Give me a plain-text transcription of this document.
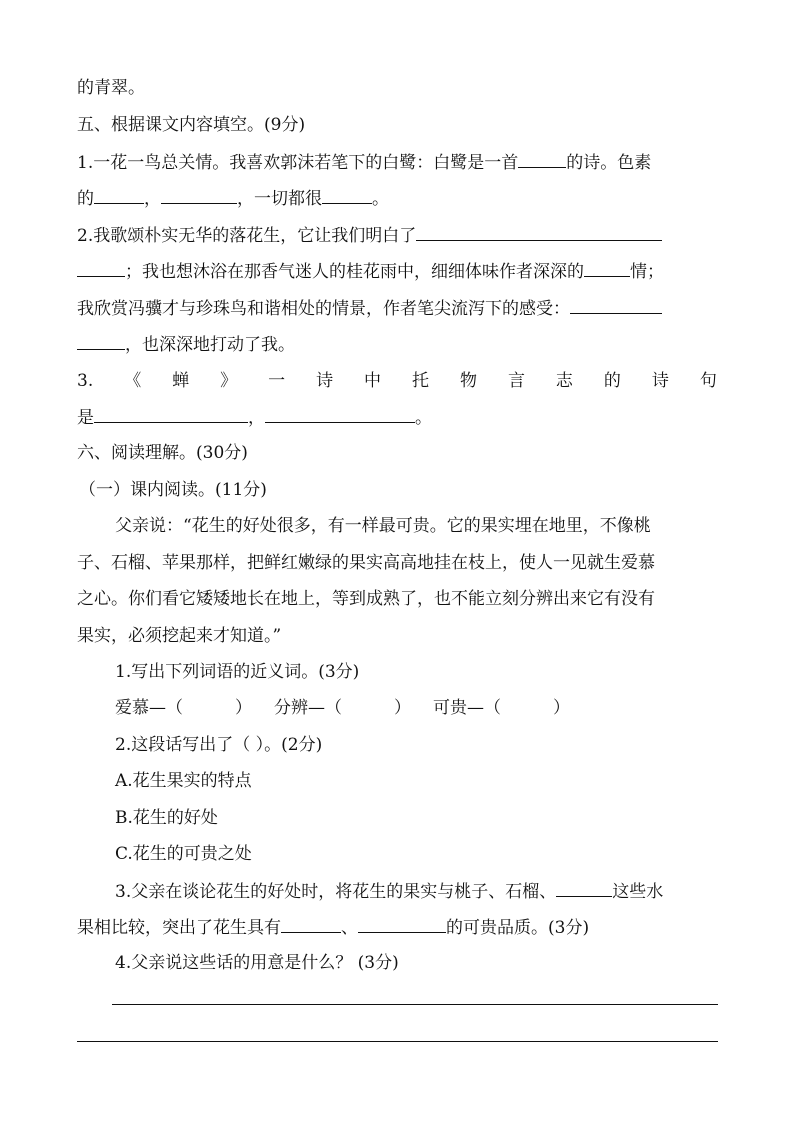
的青翠。
五、根据课文内容填空。(9分)
1.一花一鸟总关情。我喜欢郭沫若笔下的白鹭：白鹭是一首	的诗。色素
的	，	，一切都很	。
2.我歌颂朴实无华的落花生，它让我们明白了
；我也想沐浴在那香气迷人的桂花雨中，细细体味作者深深的	情；
我欣赏冯骥才与珍珠鸟和谐相处的情景，作者笔尖流泻下的感受：
，也深深地打动了我。
3. 《 蝉 》 一 诗 中 托 物 言 志 的 诗 句
是	，	。
六、阅读理解。(30分)
（一）课内阅读。(11分)
父亲说：“花生的好处很多，有一样最可贵。它的果实埋在地里，不像桃
子、石榴、苹果那样，把鲜红嫩绿的果实高高地挂在枝上，使人一见就生爱慕
之心。你们看它矮矮地长在地上，等到成熟了，也不能立刻分辨出来它有没有
果实，必须挖起来才知道。”
1.写出下列词语的近义词。(3分)
爱慕—（	） 分辨—（	） 可贵—（	）
2.这段话写出了（ ）。(2分)
A.花生果实的特点
B.花生的好处
C.花生的可贵之处
3.父亲在谈论花生的好处时，将花生的果实与桃子、石榴、	这些水
果相比较，突出了花生具有	、	的可贵品质。(3分)
4.父亲说这些话的用意是什么？ (3分)
